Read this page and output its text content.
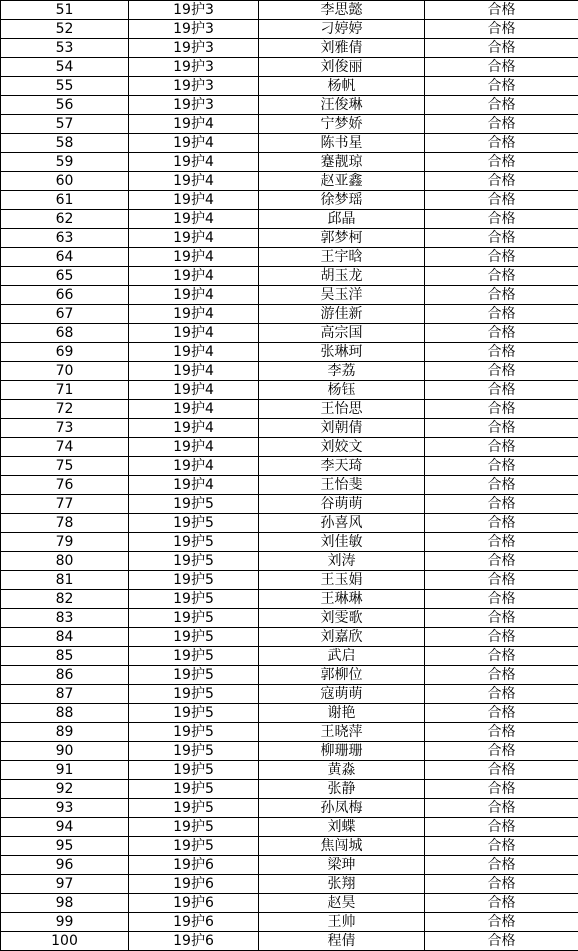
51	19护3	李思懿	合格
52	19护3	刁婷婷	合格
53	19护3	刘雅倩	合格
54	19护3	刘俊丽	合格
55	19护3	杨帆	合格
56	19护3	汪俊琳	合格
57	19护4	宁梦娇	合格
58	19护4	陈书星	合格
59	19护4	蹇靓琼	合格
60	19护4	赵亚鑫	合格
61	19护4	徐梦瑶	合格
62	19护4	邱晶	合格
63	19护4	郭梦柯	合格
64	19护4	王宇晗	合格
65	19护4	胡玉龙	合格
66	19护4	吴玉洋	合格
67	19护4	游佳新	合格
68	19护4	高宗国	合格
69	19护4	张琳珂	合格
70	19护4	李荔	合格
71	19护4	杨钰	合格
72	19护4	王怡思	合格
73	19护4	刘朝倩	合格
74	19护4	刘姣文	合格
75	19护4	李天琦	合格
76	19护4	王怡斐	合格
77	19护5	谷萌萌	合格
78	19护5	孙喜风	合格
79	19护5	刘佳敏	合格
80	19护5	刘涛	合格
81	19护5	王玉娟	合格
82	19护5	王琳琳	合格
83	19护5	刘雯歌	合格
84	19护5	刘嘉欣	合格
85	19护5	武启	合格
86	19护5	郭柳位	合格
87	19护5	寇萌萌	合格
88	19护5	谢艳	合格
89	19护5	王晓萍	合格
90	19护5	柳珊珊	合格
91	19护5	黄淼	合格
92	19护5	张静	合格
93	19护5	孙凤梅	合格
94	19护5	刘蝶	合格
95	19护5	焦闯城	合格
96	19护6	梁珅	合格
97	19护6	张翔	合格
98	19护6	赵昊	合格
99	19护6	王帅	合格
100	19护6	程倩	合格
